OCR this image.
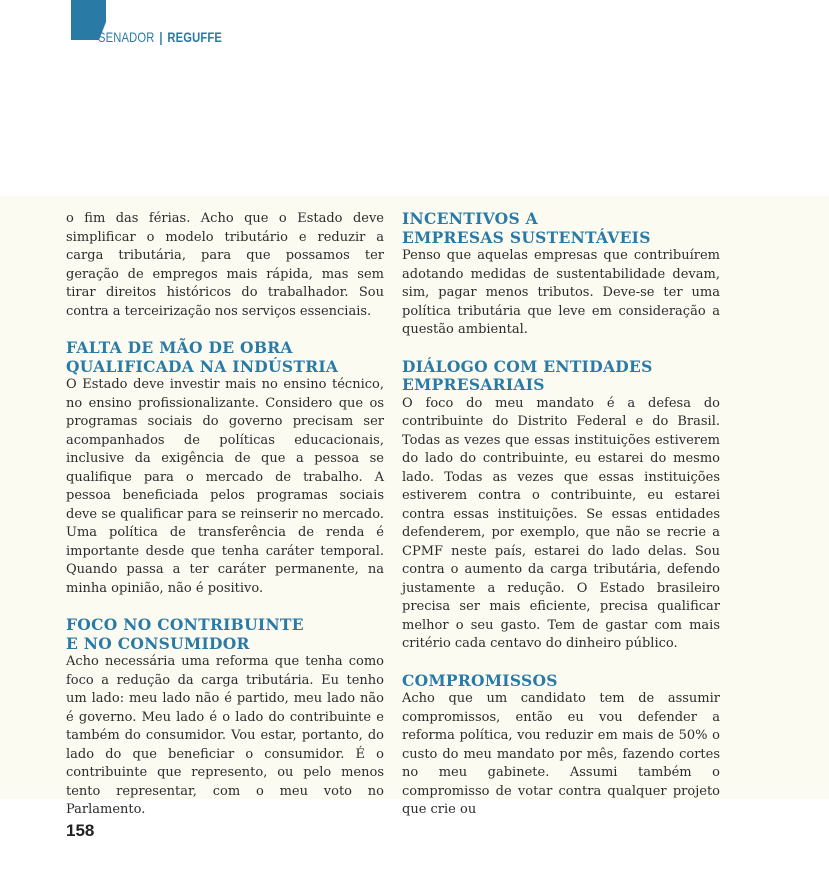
SENADOR | REGUFFE

o fim das férias. Acho que o Estado deve simplificar o modelo tributário e reduzir a carga tributária, para que possamos ter geração de empregos mais rápida, mas sem tirar direitos históricos do trabalhador. Sou contra a terceirização nos serviços essenciais.

FALTA DE MÃO DE OBRA
QUALIFICADA NA INDÚSTRIA

O Estado deve investir mais no ensino técnico, no ensino profissionalizante. Considero que os programas sociais do governo precisam ser acompanhados de políticas educacionais, inclusive da exigência de que a pessoa se qualifique para o mercado de trabalho. A pessoa beneficiada pelos programas sociais deve se qualificar para se reinserir no mercado. Uma política de transferência de renda é importante desde que tenha caráter temporal. Quando passa a ter caráter permanente, na minha opinião, não é positivo.

FOCO NO CONTRIBUINTE
E NO CONSUMIDOR

Acho necessária uma reforma que tenha como foco a redução da carga tributária. Eu tenho um lado: meu lado não é partido, meu lado não é governo. Meu lado é o lado do contribuinte e também do consumidor. Vou estar, portanto, do lado do que beneficiar o consumidor. É o contribuinte que represento, ou pelo menos tento representar, com o meu voto no Parlamento.

INCENTIVOS A
EMPRESAS SUSTENTÁVEIS

Penso que aquelas empresas que contribuírem adotando medidas de sustentabilidade devam, sim, pagar menos tributos. Deve-se ter uma política tributária que leve em consideração a questão ambiental.

DIÁLOGO COM ENTIDADES
EMPRESARIAIS

O foco do meu mandato é a defesa do contribuinte do Distrito Federal e do Brasil. Todas as vezes que essas instituições estiverem do lado do contribuinte, eu estarei do mesmo lado. Todas as vezes que essas instituições estiverem contra o contribuinte, eu estarei contra essas instituições. Se essas entidades defenderem, por exemplo, que não se recrie a CPMF neste país, estarei do lado delas. Sou contra o aumento da carga tributária, defendo justamente a redução. O Estado brasileiro precisa ser mais eficiente, precisa qualificar melhor o seu gasto. Tem de gastar com mais critério cada centavo do dinheiro público.

COMPROMISSOS

Acho que um candidato tem de assumir compromissos, então eu vou defender a reforma política, vou reduzir em mais de 50% o custo do meu mandato por mês, fazendo cortes no meu gabinete. Assumi também o compromisso de votar contra qualquer projeto que crie ou

158
